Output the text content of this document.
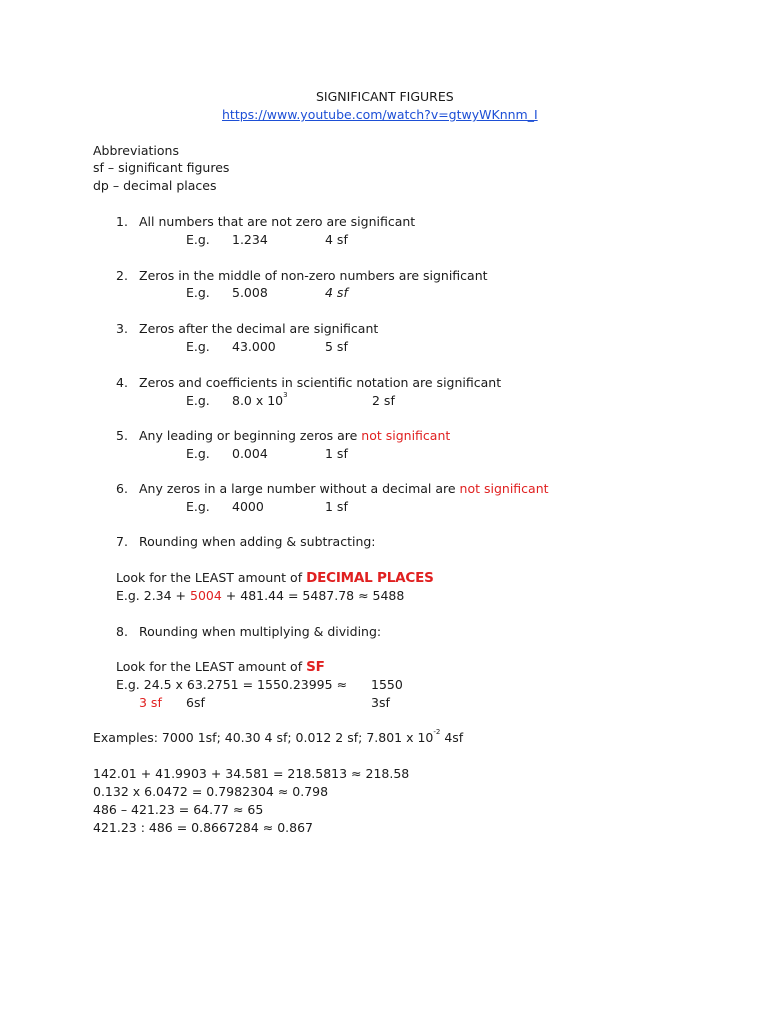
SIGNIFICANT FIGURES
https://www.youtube.com/watch?v=gtwyWKnnm_I
Abbreviations
sf – significant figures
dp – decimal places
1. All numbers that are not zero are significant
E.g. 1.234	4 sf
2. Zeros in the middle of non-zero numbers are significant
E.g. 5.008	4 sf
3. Zeros after the decimal are significant
E.g. 43.000	5 sf
4. Zeros and coefficients in scientific notation are significant
E.g. 8.0 x $10^3$	2 sf
5. Any leading or beginning zeros are not significant
E.g. 0.004	1 sf
6. Any zeros in a large number without a decimal are not significant
E.g. 4000	1 sf
7. Rounding when adding & subtracting:
Look for the LEAST amount of DECIMAL PLACES
E.g. 2.34 + 5004 + 481.44 = 5487.78 ≈ 5488
8. Rounding when multiplying & dividing:
Look for the LEAST amount of SF
E.g. 24.5 x 63.2751 = 1550.23995 ≈ 1550
3 sf 6sf	3sf
Examples: 7000 1sf; 40.30 4 sf; 0.012 2 sf; 7.801 x $10^{-2}$ 4sf
142.01 + 41.9903 + 34.581 = 218.5813 ≈ 218.58
0.132 x 6.0472 = 0.7982304 ≈ 0.798
486 – 421.23 = 64.77 ≈ 65
421.23 : 486 = 0.8667284 ≈ 0.867
